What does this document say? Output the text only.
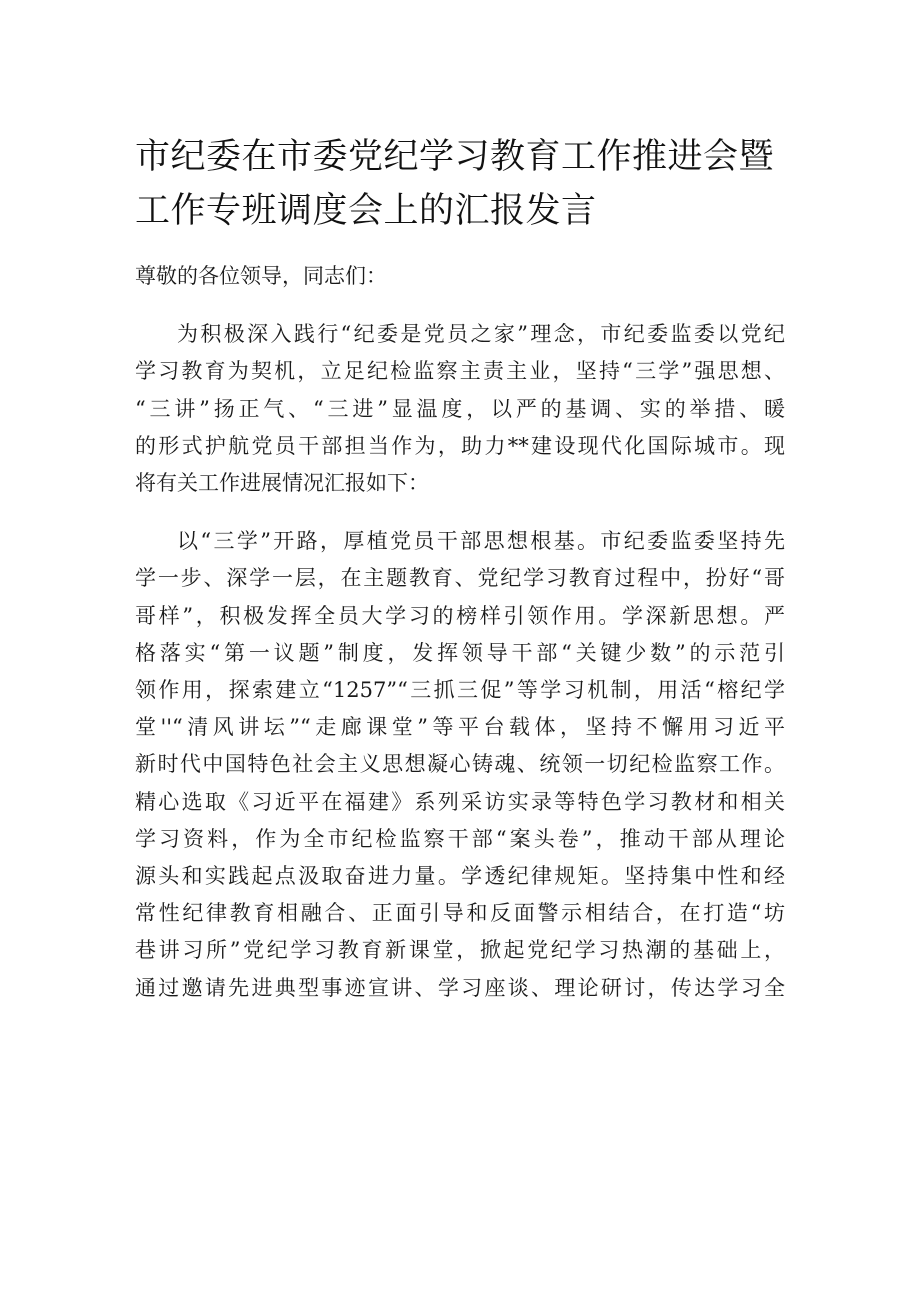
市纪委在市委党纪学习教育工作推进会暨
工作专班调度会上的汇报发言

尊敬的各位领导，同志们：

为积极深入践行“纪委是党员之家”理念，市纪委监委以党纪
学习教育为契机，立足纪检监察主责主业，坚持“三学”强思想、
“三讲”扬正气、“三进”显温度，以严的基调、实的举措、暖
的形式护航党员干部担当作为，助力**建设现代化国际城市。现
将有关工作进展情况汇报如下：

以“三学”开路，厚植党员干部思想根基。市纪委监委坚持先
学一步、深学一层，在主题教育、党纪学习教育过程中，扮好“哥
哥样”，积极发挥全员大学习的榜样引领作用。学深新思想。严
格落实“第一议题”制度，发挥领导干部“关键少数”的示范引
领作用，探索建立“1257”“三抓三促”等学习机制，用活“榕纪学
堂''“清风讲坛”“走廊课堂”等平台载体，坚持不懈用习近平
新时代中国特色社会主义思想凝心铸魂、统领一切纪检监察工作。
精心选取《习近平在福建》系列采访实录等特色学习教材和相关
学习资料，作为全市纪检监察干部“案头卷”，推动干部从理论
源头和实践起点汲取奋进力量。学透纪律规矩。坚持集中性和经
常性纪律教育相融合、正面引导和反面警示相结合，在打造“坊
巷讲习所”党纪学习教育新课堂，掀起党纪学习热潮的基础上，
通过邀请先进典型事迹宣讲、学习座谈、理论研讨，传达学习全
